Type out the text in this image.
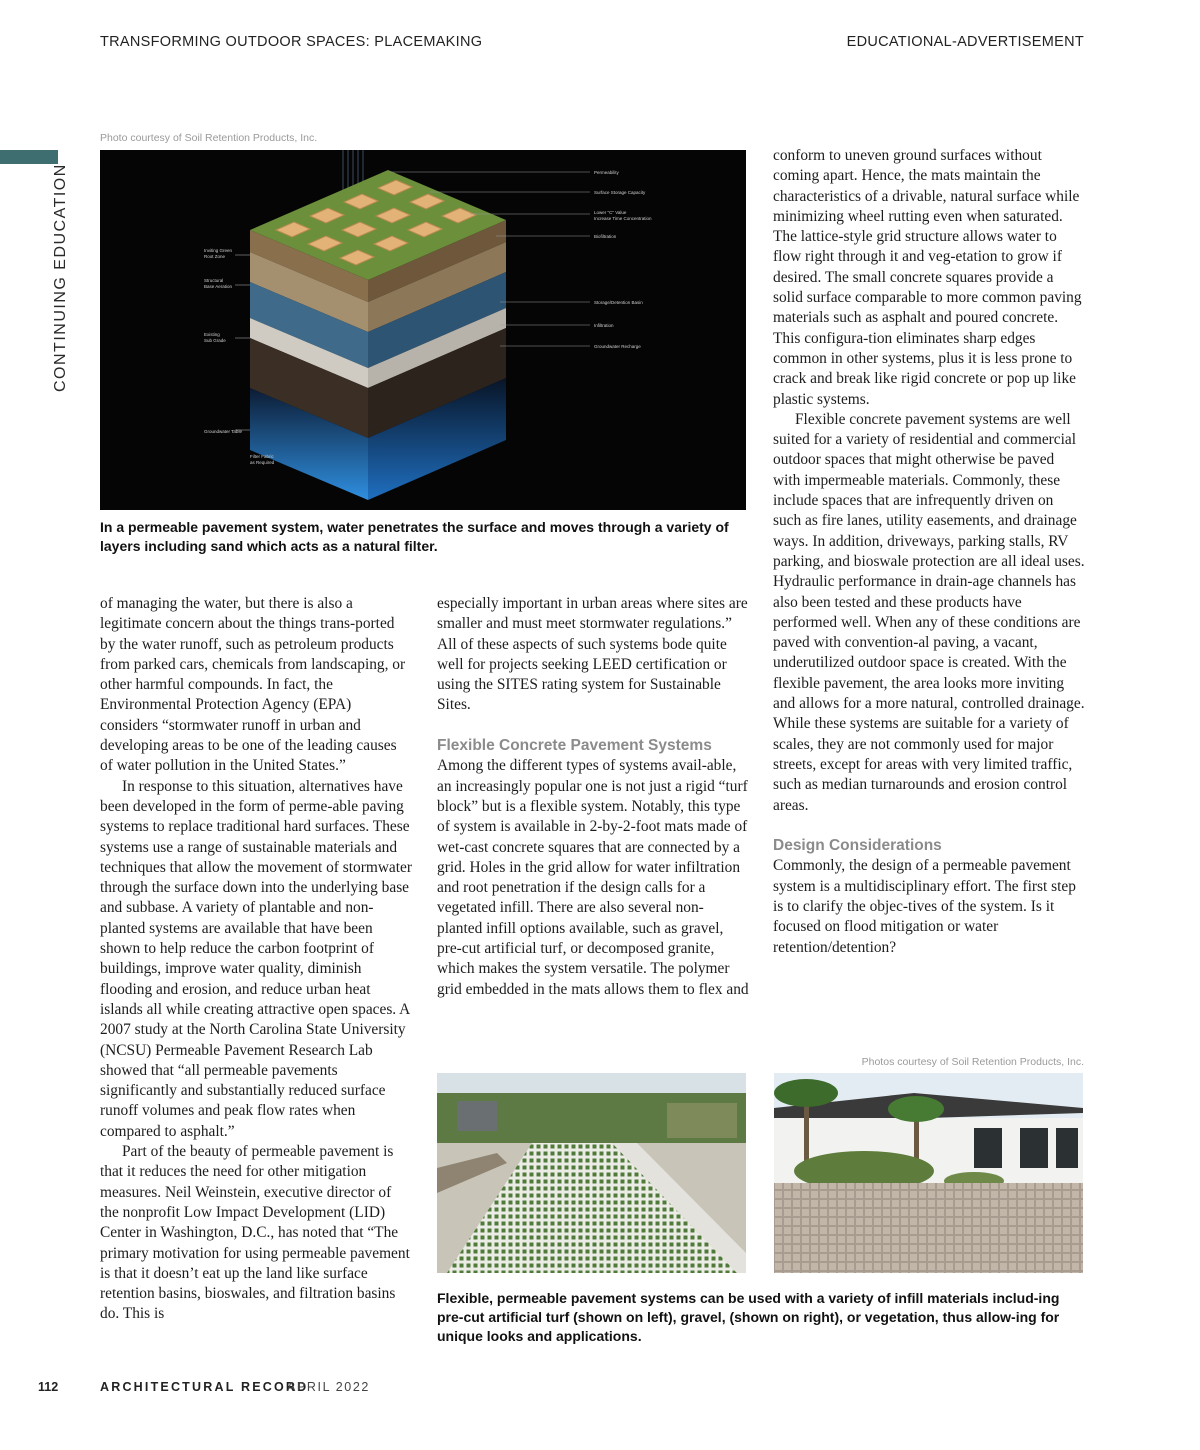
TRANSFORMING OUTDOOR SPACES: PLACEMAKING	EDUCATIONAL-ADVERTISEMENT
CONTINUING EDUCATION
Photo courtesy of Soil Retention Products, Inc.
Permeability
Surface Storage Capacity
Lower "C" Value
Increase Time Concentration
Biofiltration
Storage/Detention Basin
Infiltration
Groundwater Recharge
Inviting Green
Root Zone
Structural
Base Aeration
Existing
Sub Grade
Groundwater Table
Filter Fabric
as Required
In a permeable pavement system, water penetrates the surface and moves through a variety of layers including sand which acts as a natural filter.

of managing the water, but there is also a legitimate concern about the things trans-ported by the water runoff, such as petroleum products from parked cars, chemicals from landscaping, or other harmful compounds. In fact, the Environmental Protection Agency (EPA) considers “stormwater runoff in urban and developing areas to be one of the leading causes of water pollution in the United States.”

In response to this situation, alternatives have been developed in the form of perme-able paving systems to replace traditional hard surfaces. These systems use a range of sustainable materials and techniques that allow the movement of stormwater through the surface down into the underlying base and subbase. A variety of plantable and non-planted systems are available that have been shown to help reduce the carbon footprint of buildings, improve water quality, diminish flooding and erosion, and reduce urban heat islands all while creating attractive open spaces. A 2007 study at the North Carolina State University (NCSU) Permeable Pavement Research Lab showed that “all permeable pavements significantly and substantially reduced surface runoff volumes and peak flow rates when compared to asphalt.”

Part of the beauty of permeable pavement is that it reduces the need for other mitigation measures. Neil Weinstein, executive director of the nonprofit Low Impact Development (LID) Center in Washington, D.C., has noted that “The primary motivation for using permeable pavement is that it doesn’t eat up the land like surface retention basins, bioswales, and filtration basins do. This is

especially important in urban areas where sites are smaller and must meet stormwater regulations.” All of these aspects of such systems bode quite well for projects seeking LEED certification or using the SITES rating system for Sustainable Sites.

Flexible Concrete Pavement Systems

Among the different types of systems avail-able, an increasingly popular one is not just a rigid “turf block” but is a flexible system. Notably, this type of system is available in 2-by-2-foot mats made of wet-cast concrete squares that are connected by a grid. Holes in the grid allow for water infiltration and root penetration if the design calls for a vegetated infill. There are also several non-planted infill options available, such as gravel, pre-cut artificial turf, or decomposed granite, which makes the system versatile. The polymer grid embedded in the mats allows them to flex and

conform to uneven ground surfaces without coming apart. Hence, the mats maintain the characteristics of a drivable, natural surface while minimizing wheel rutting even when saturated. The lattice-style grid structure allows water to flow right through it and veg-etation to grow if desired. The small concrete squares provide a solid surface comparable to more common paving materials such as asphalt and poured concrete. This configura-tion eliminates sharp edges common in other systems, plus it is less prone to crack and break like rigid concrete or pop up like plastic systems.

Flexible concrete pavement systems are well suited for a variety of residential and commercial outdoor spaces that might otherwise be paved with impermeable materials. Commonly, these include spaces that are infrequently driven on such as fire lanes, utility easements, and drainage ways. In addition, driveways, parking stalls, RV parking, and bioswale protection are all ideal uses. Hydraulic performance in drain-age channels has also been tested and these products have performed well. When any of these conditions are paved with convention-al paving, a vacant, underutilized outdoor space is created. With the flexible pavement, the area looks more inviting and allows for a more natural, controlled drainage. While these systems are suitable for a variety of scales, they are not commonly used for major streets, except for areas with very limited traffic, such as median turnarounds and erosion control areas.

Design Considerations

Commonly, the design of a permeable pavement system is a multidisciplinary effort. The first step is to clarify the objec-tives of the system. Is it focused on flood mitigation or water retention/detention?

Photos courtesy of Soil Retention Products, Inc.
Flexible, permeable pavement systems can be used with a variety of infill materials includ-ing pre-cut artificial turf (shown on left), gravel, (shown on right), or vegetation, thus allow-ing for unique looks and applications.
112	ARCHITECTURAL RECORD
APRIL 2022
